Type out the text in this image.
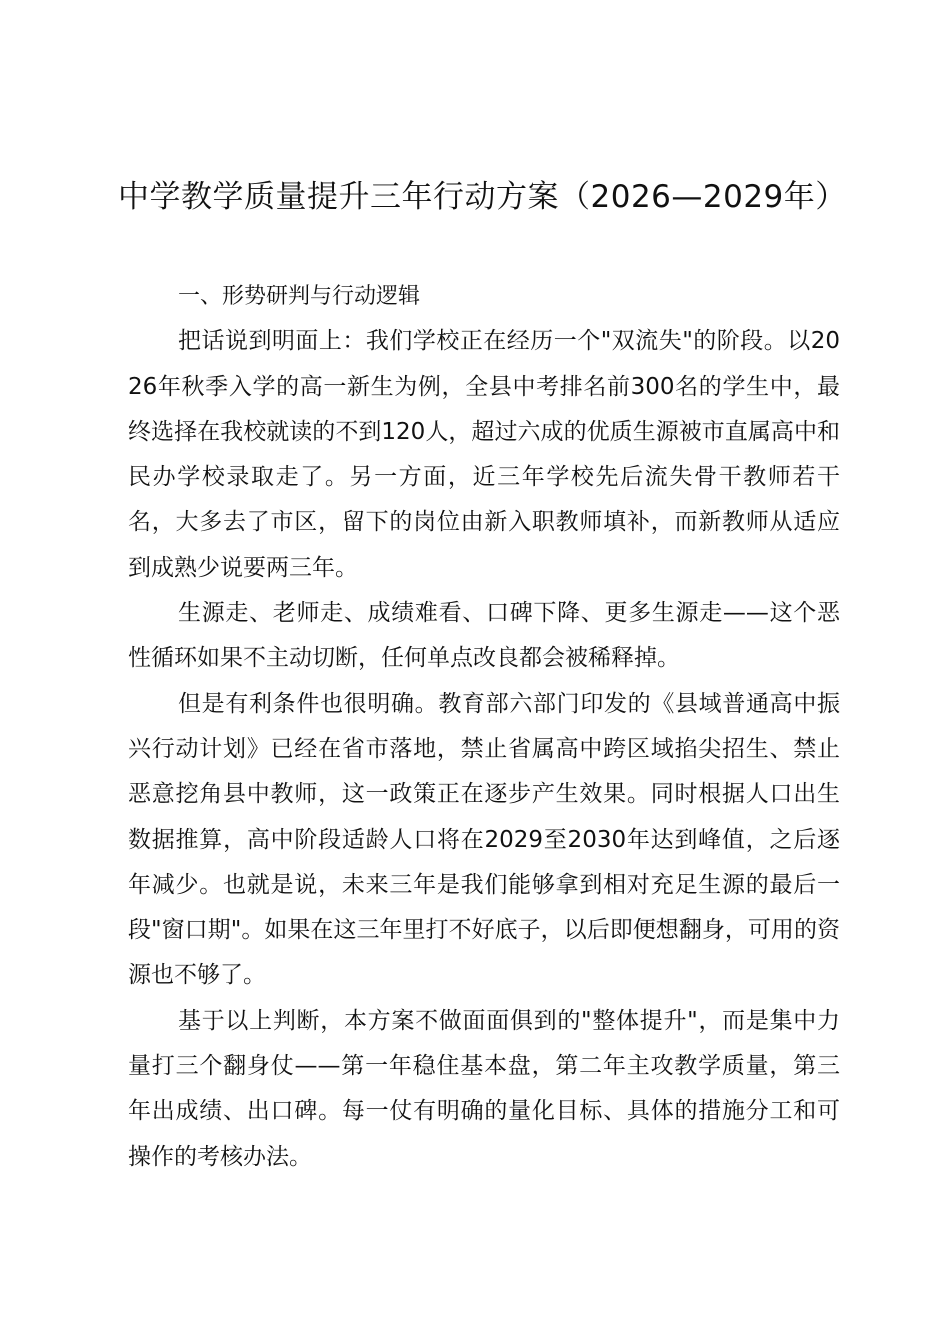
中学教学质量提升三年行动方案（2026—2029年）

一、形势研判与行动逻辑

把话说到明面上：我们学校正在经历一个"双流失"的阶段。以2026年秋季入学的高一新生为例，全县中考排名前300名的学生中，最终选择在我校就读的不到120人，超过六成的优质生源被市直属高中和民办学校录取走了。另一方面，近三年学校先后流失骨干教师若干名，大多去了市区，留下的岗位由新入职教师填补，而新教师从适应到成熟少说要两三年。

生源走、老师走、成绩难看、口碑下降、更多生源走——这个恶性循环如果不主动切断，任何单点改良都会被稀释掉。

但是有利条件也很明确。教育部六部门印发的《县域普通高中振兴行动计划》已经在省市落地，禁止省属高中跨区域掐尖招生、禁止恶意挖角县中教师，这一政策正在逐步产生效果。同时根据人口出生数据推算，高中阶段适龄人口将在2029至2030年达到峰值，之后逐年减少。也就是说，未来三年是我们能够拿到相对充足生源的最后一段"窗口期"。如果在这三年里打不好底子，以后即便想翻身，可用的资源也不够了。

基于以上判断，本方案不做面面俱到的"整体提升"，而是集中力量打三个翻身仗——第一年稳住基本盘，第二年主攻教学质量，第三年出成绩、出口碑。每一仗有明确的量化目标、具体的措施分工和可操作的考核办法。
